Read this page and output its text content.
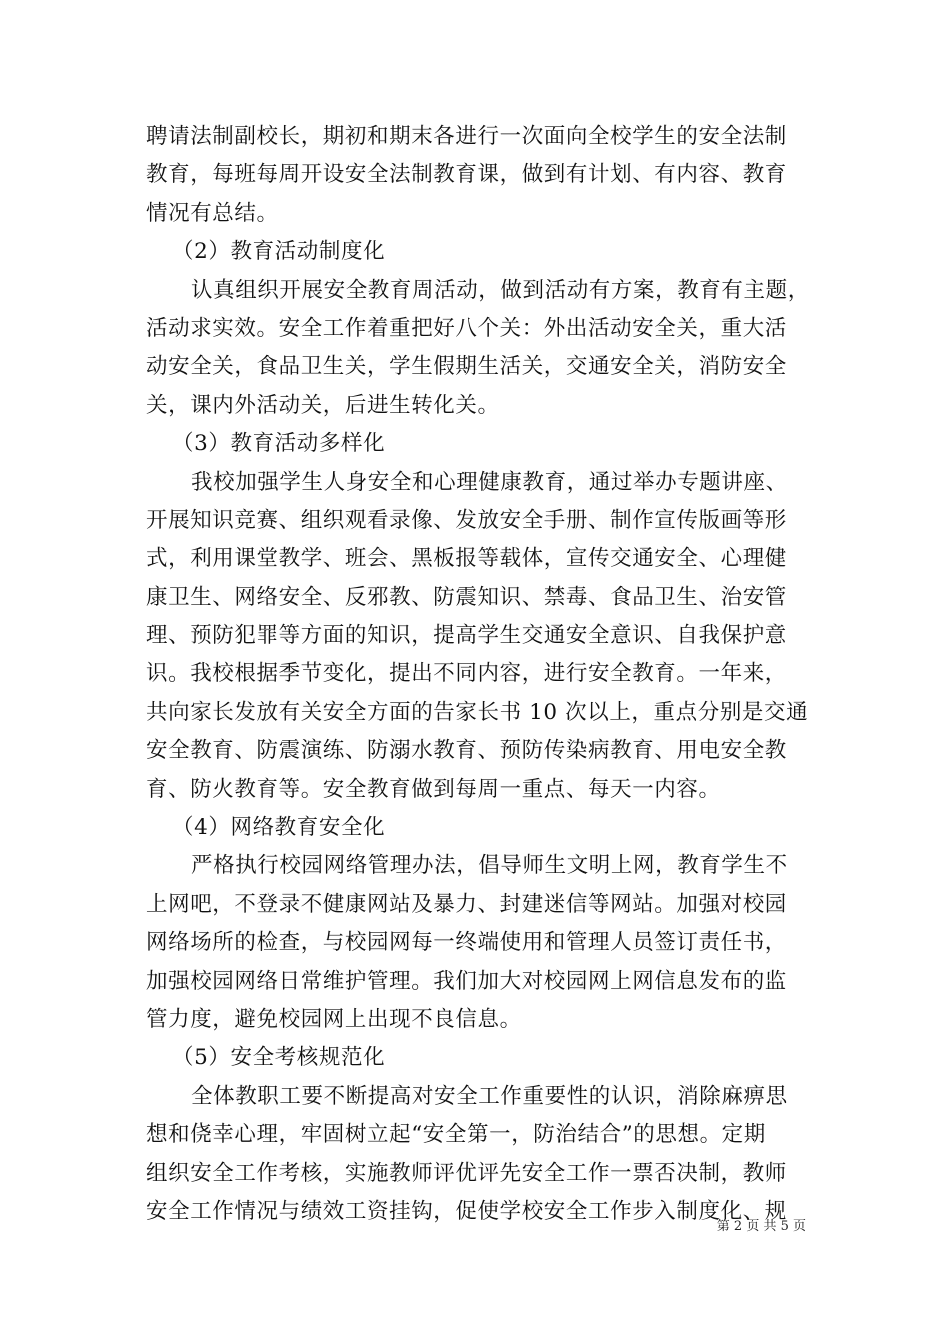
聘请法制副校长，期初和期末各进行一次面向全校学生的安全法制
教育，每班每周开设安全法制教育课，做到有计划、有内容、教育
情况有总结。
（2）教育活动制度化
认真组织开展安全教育周活动，做到活动有方案，教育有主题，
活动求实效。安全工作着重把好八个关：外出活动安全关，重大活
动安全关，食品卫生关，学生假期生活关，交通安全关，消防安全
关，课内外活动关，后进生转化关。
（3）教育活动多样化
我校加强学生人身安全和心理健康教育，通过举办专题讲座、
开展知识竞赛、组织观看录像、发放安全手册、制作宣传版画等形
式，利用课堂教学、班会、黑板报等载体，宣传交通安全、心理健
康卫生、网络安全、反邪教、防震知识、禁毒、食品卫生、治安管
理、预防犯罪等方面的知识，提高学生交通安全意识、自我保护意
识。我校根据季节变化，提出不同内容，进行安全教育。一年来，
共向家长发放有关安全方面的告家长书 10 次以上，重点分别是交通
安全教育、防震演练、防溺水教育、预防传染病教育、用电安全教
育、防火教育等。安全教育做到每周一重点、每天一内容。
（4）网络教育安全化
严格执行校园网络管理办法，倡导师生文明上网，教育学生不
上网吧，不登录不健康网站及暴力、封建迷信等网站。加强对校园
网络场所的检查，与校园网每一终端使用和管理人员签订责任书，
加强校园网络日常维护管理。我们加大对校园网上网信息发布的监
管力度，避免校园网上出现不良信息。
（5）安全考核规范化
全体教职工要不断提高对安全工作重要性的认识，消除麻痹思
想和侥幸心理，牢固树立起“安全第一，防治结合”的思想。定期
组织安全工作考核，实施教师评优评先安全工作一票否决制，教师
安全工作情况与绩效工资挂钩，促使学校安全工作步入制度化、规
第 2 页 共 5 页
